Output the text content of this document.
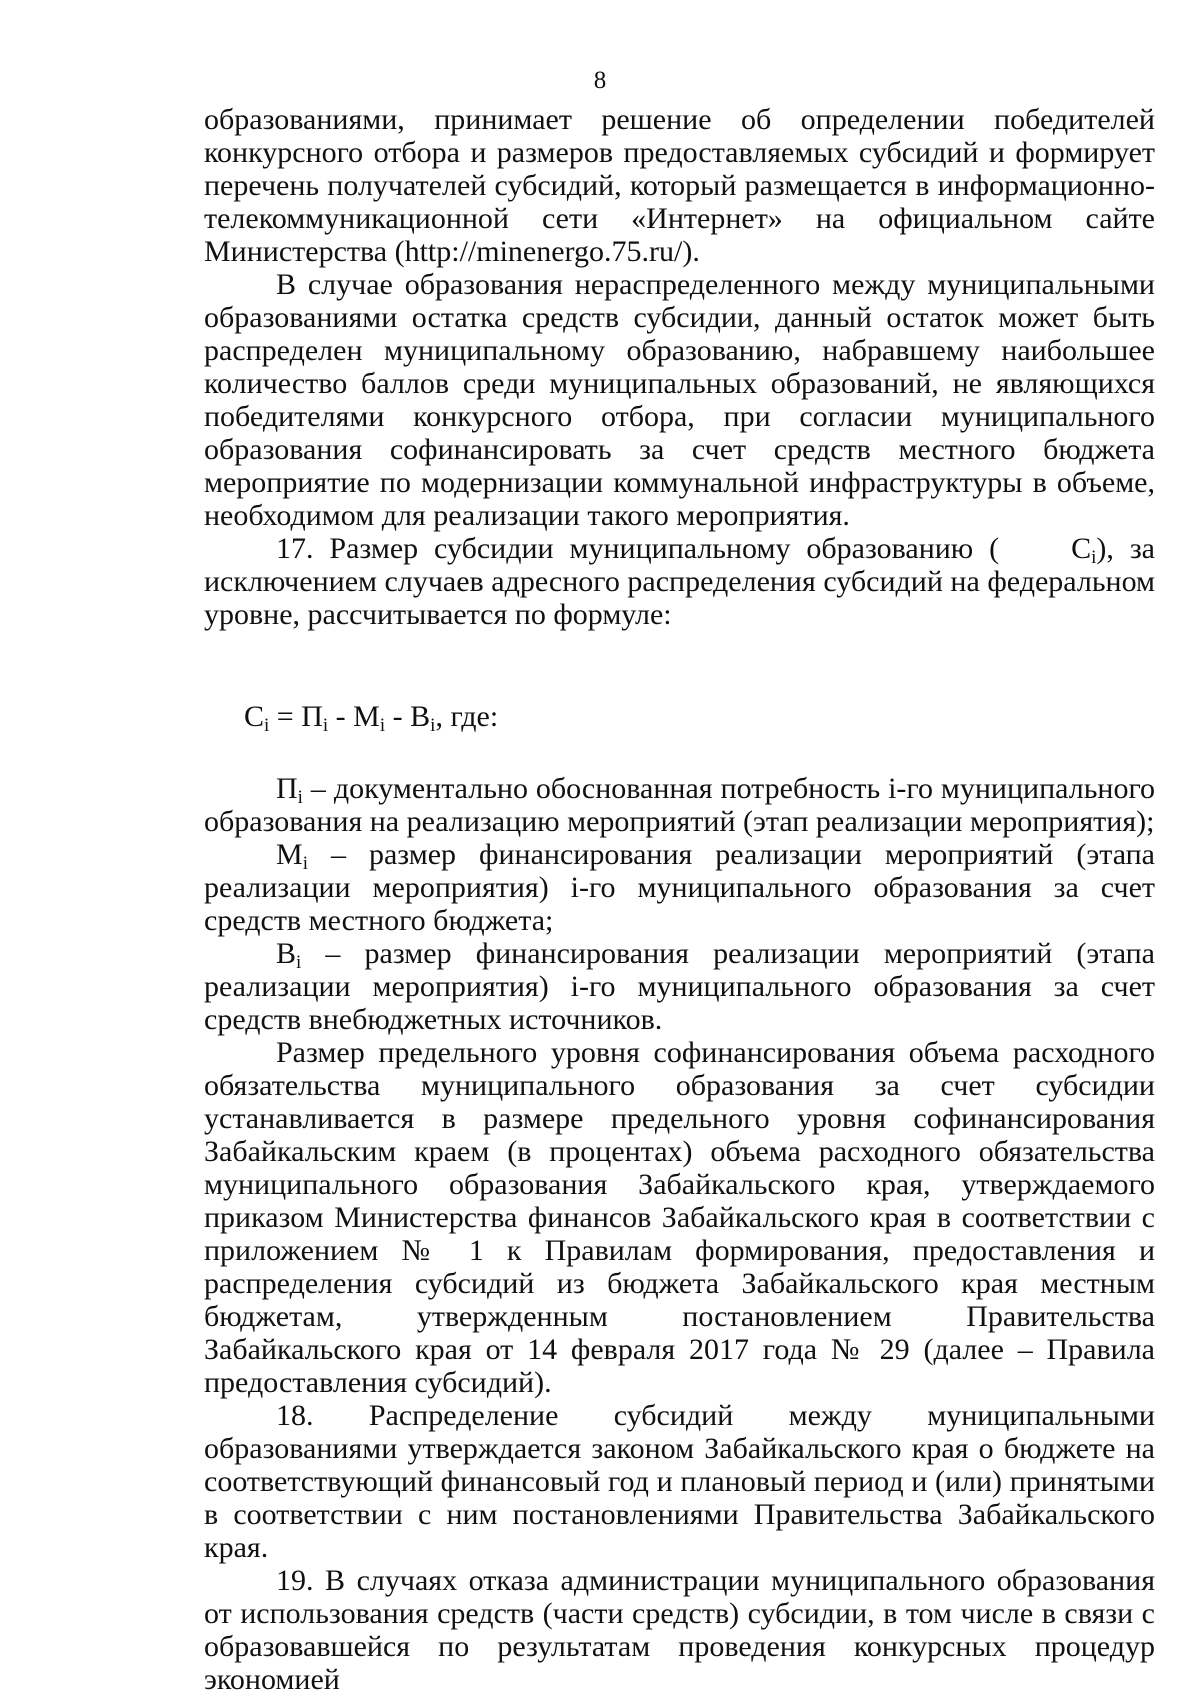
8

образованиями, принимает решение об определении победителей конкурсного отбора и размеров предоставляемых субсидий и формирует перечень получателей субсидий, который размещается в информационно-телекоммуникационной сети «Интернет» на официальном сайте Министерства (http://minenergo.75.ru/).

В случае образования нераспределенного между муниципальными образованиями остатка средств субсидии, данный остаток может быть распределен муниципальному образованию, набравшему наибольшее количество баллов среди муниципальных образований, не являющихся победителями конкурсного отбора, при согласии муниципального образования софинансировать за счет средств местного бюджета мероприятие по модернизации коммунальной инфраструктуры в объеме, необходимом для реализации такого мероприятия.

17. Размер субсидии муниципальному образованию ( $C_i$), за исключением случаев адресного распределения субсидий на федеральном уровне, рассчитывается по формуле:

$C_i = П_i - M_i - B_i$, где:

$П_i$ – документально обоснованная потребность i-го муниципального образования на реализацию мероприятий (этап реализации мероприятия);

$M_i$ – размер финансирования реализации мероприятий (этапа реализации мероприятия) i-го муниципального образования за счет средств местного бюджета;

$B_i$ – размер финансирования реализации мероприятий (этапа реализации мероприятия) i-го муниципального образования за счет средств внебюджетных источников.

Размер предельного уровня софинансирования объема расходного обязательства муниципального образования за счет субсидии устанавливается в размере предельного уровня софинансирования Забайкальским краем (в процентах) объема расходного обязательства муниципального образования Забайкальского края, утверждаемого приказом Министерства финансов Забайкальского края в соответствии с приложением № 1 к Правилам формирования, предоставления и распределения субсидий из бюджета Забайкальского края местным бюджетам, утвержденным постановлением Правительства Забайкальского края от 14 февраля 2017 года № 29 (далее – Правила предоставления субсидий).

18. Распределение субсидий между муниципальными образованиями утверждается законом Забайкальского края о бюджете на соответствующий финансовый год и плановый период и (или) принятыми в соответствии с ним постановлениями Правительства Забайкальского края.

19. В случаях отказа администрации муниципального образования от использования средств (части средств) субсидии, в том числе в связи с образовавшейся по результатам проведения конкурсных процедур экономией
